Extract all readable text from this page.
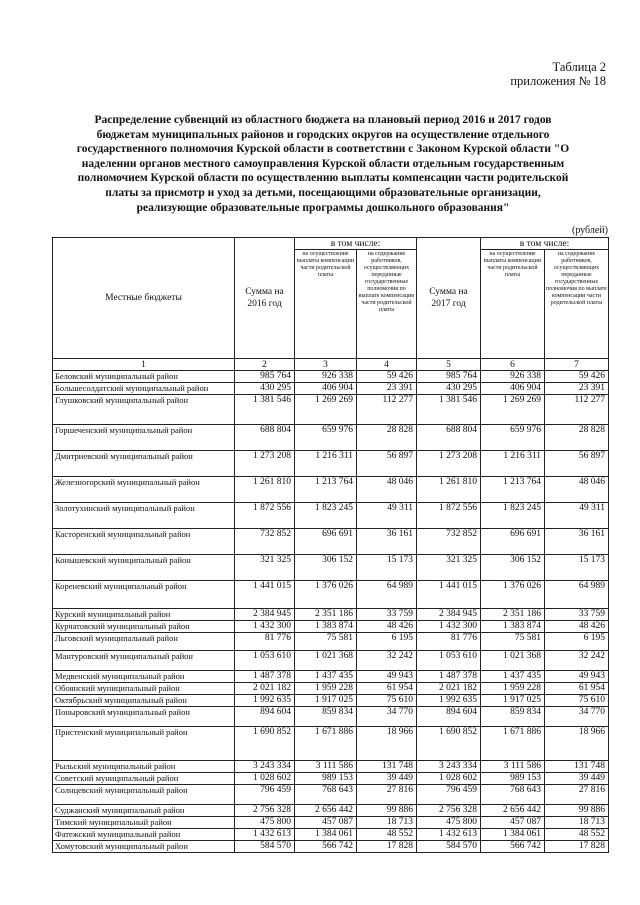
Таблица 2
приложения № 18
Распределение субвенций из областного бюджета на плановый период 2016 и 2017 годов бюджетам муниципальных районов и городских округов на осуществление отдельного государственного полномочия Курской области в соответствии с Законом Курской области "О наделении органов местного самоуправления Курской области отдельным государственным полномочием Курской области по осуществлению выплаты компенсации части родительской платы за присмотр и уход за детьми, посещающими образовательные организации, реализующие образовательные программы дошкольного образования"
(рублей)
Местные бюджеты	Сумма на 2016 год	в том числе:		Сумма на 2017 год	в том числе:	
		на осуществление выплаты компенсации части родительской платы	на содержание работников, осуществляющих переданные государственные полномочия по выплате компенсации части родительской платы		на осуществление выплаты компенсации части родительской платы	на содержание работников, осуществляющих переданные государственные полномочия по выплате компенсации части родительской платы
1	2	3	4	5	6	7
Беловский муниципальный район	985 764	926 338	59 426	985 764	926 338	59 426
Большесолдатский муниципальный район	430 295	406 904	23 391	430 295	406 904	23 391
Глушковский муниципальный район	1 381 546	1 269 269	112 277	1 381 546	1 269 269	112 277
Горшеченский муниципальный район	688 804	659 976	28 828	688 804	659 976	28 828
Дмитриевский муниципальный район	1 273 208	1 216 311	56 897	1 273 208	1 216 311	56 897
Железногорский муниципальный район	1 261 810	1 213 764	48 046	1 261 810	1 213 764	48 046
Золотухинский муниципальный район	1 872 556	1 823 245	49 311	1 872 556	1 823 245	49 311
Касторенский муниципальный район	732 852	696 691	36 161	732 852	696 691	36 161
Конышевский муниципальный район	321 325	306 152	15 173	321 325	306 152	15 173
Кореневский муниципальный район	1 441 015	1 376 026	64 989	1 441 015	1 376 026	64 989
Курский муниципальный район	2 384 945	2 351 186	33 759	2 384 945	2 351 186	33 759
Курчатовский муниципальный район	1 432 300	1 383 874	48 426	1 432 300	1 383 874	48 426
Льговский муниципальный район	81 776	75 581	6 195	81 776	75 581	6 195
Мантуровский муниципальный район	1 053 610	1 021 368	32 242	1 053 610	1 021 368	32 242
Медвенский муниципальный район	1 487 378	1 437 435	49 943	1 487 378	1 437 435	49 943
Обоянский муниципальный район	2 021 182	1 959 228	61 954	2 021 182	1 959 228	61 954
Октябрьский муниципальный район	1 992 635	1 917 025	75 610	1 992 635	1 917 025	75 610
Поныровский муниципальный район	894 604	859 834	34 770	894 604	859 834	34 770
Пристенский муниципальный район	1 690 852	1 671 886	18 966	1 690 852	1 671 886	18 966
Рыльский муниципальный район	3 243 334	3 111 586	131 748	3 243 334	3 111 586	131 748
Советский муниципальный район	1 028 602	989 153	39 449	1 028 602	989 153	39 449
Солнцевский муниципальный район	796 459	768 643	27 816	796 459	768 643	27 816
Суджанский муниципальный район	2 756 328	2 656 442	99 886	2 756 328	2 656 442	99 886
Тимский муниципальный район	475 800	457 087	18 713	475 800	457 087	18 713
Фатежский муниципальный район	1 432 613	1 384 061	48 552	1 432 613	1 384 061	48 552
Хомутовский муниципальный район	584 570	566 742	17 828	584 570	566 742	17 828
